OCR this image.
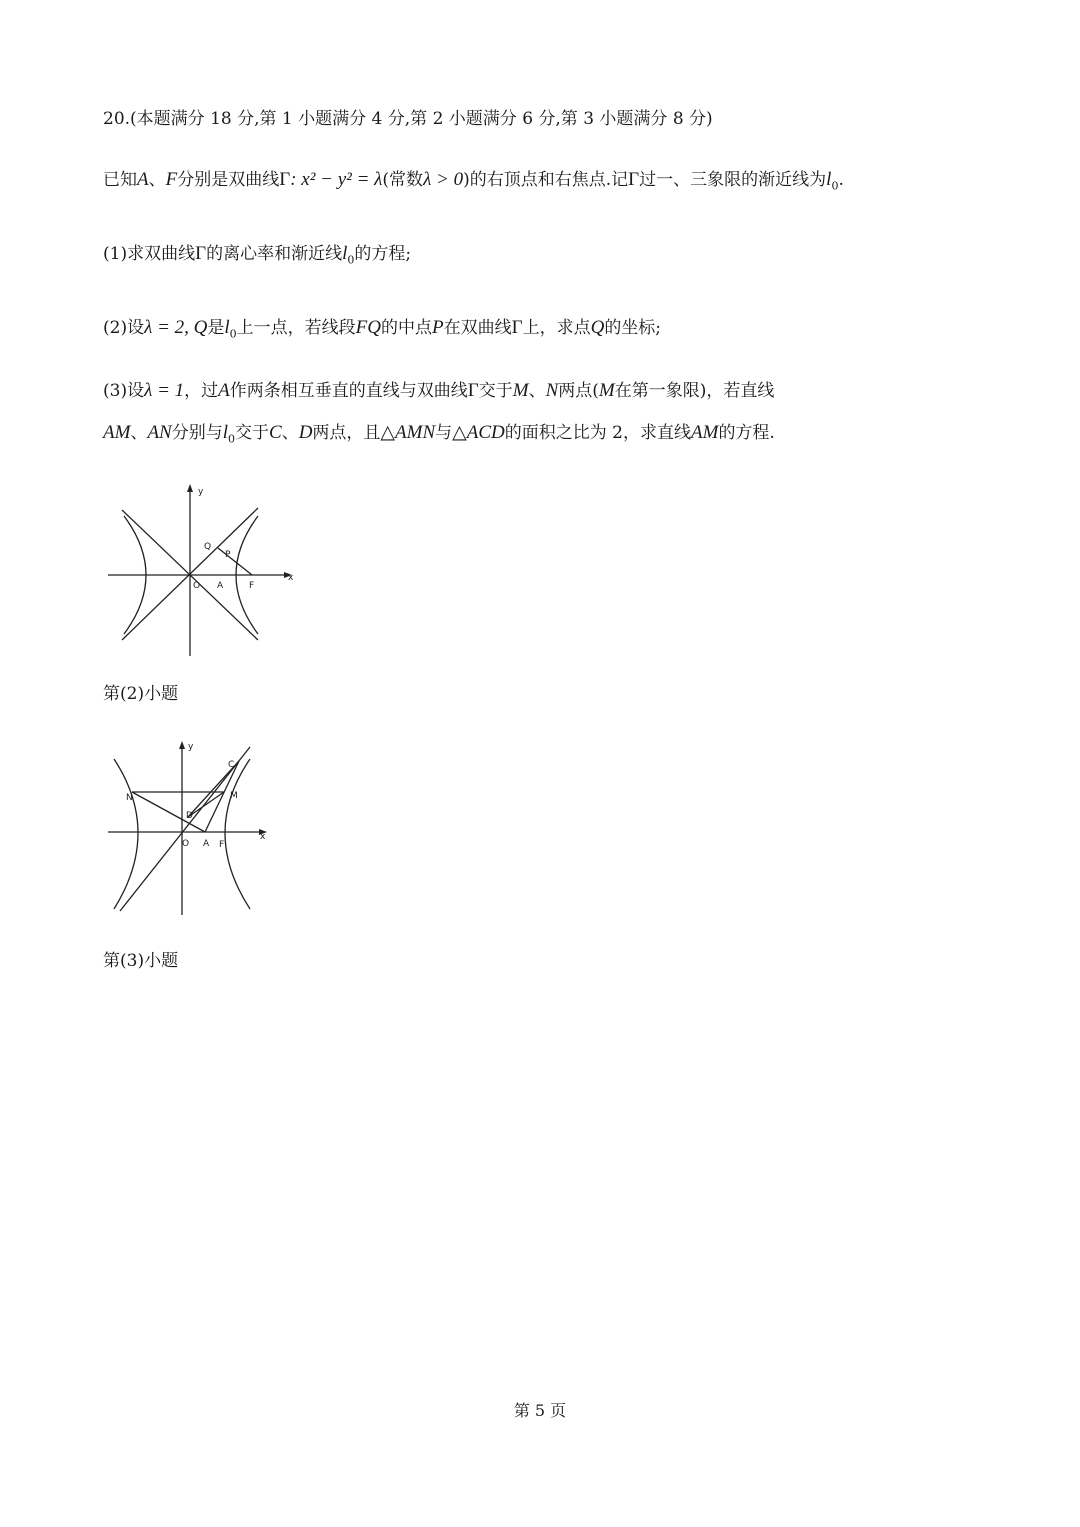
20.(本题满分 18 分,第 1 小题满分 4 分,第 2 小题满分 6 分,第 3 小题满分 8 分)
已知A、F分别是双曲线Γ: x² − y² = λ(常数λ > 0)的右顶点和右焦点.记Γ过一、三象限的渐近线为$l_0$.
(1)求双曲线Γ的离心率和渐近线$l_0$的方程;
(2)设λ = 2, Q是$l_0$上一点，若线段FQ的中点P在双曲线Γ上，求点Q的坐标;
(3)设λ = 1，过A作两条相互垂直的直线与双曲线Γ交于M、N两点(M在第一象限)，若直线
AM、AN分别与$l_0$交于C、D两点，且△AMN与△ACD的面积之比为 2，求直线AM的方程.
y
x
O A	F
Q
P
第(2)小题
y
x
O A F
C
D
M
N
第(3)小题
第 5 页
